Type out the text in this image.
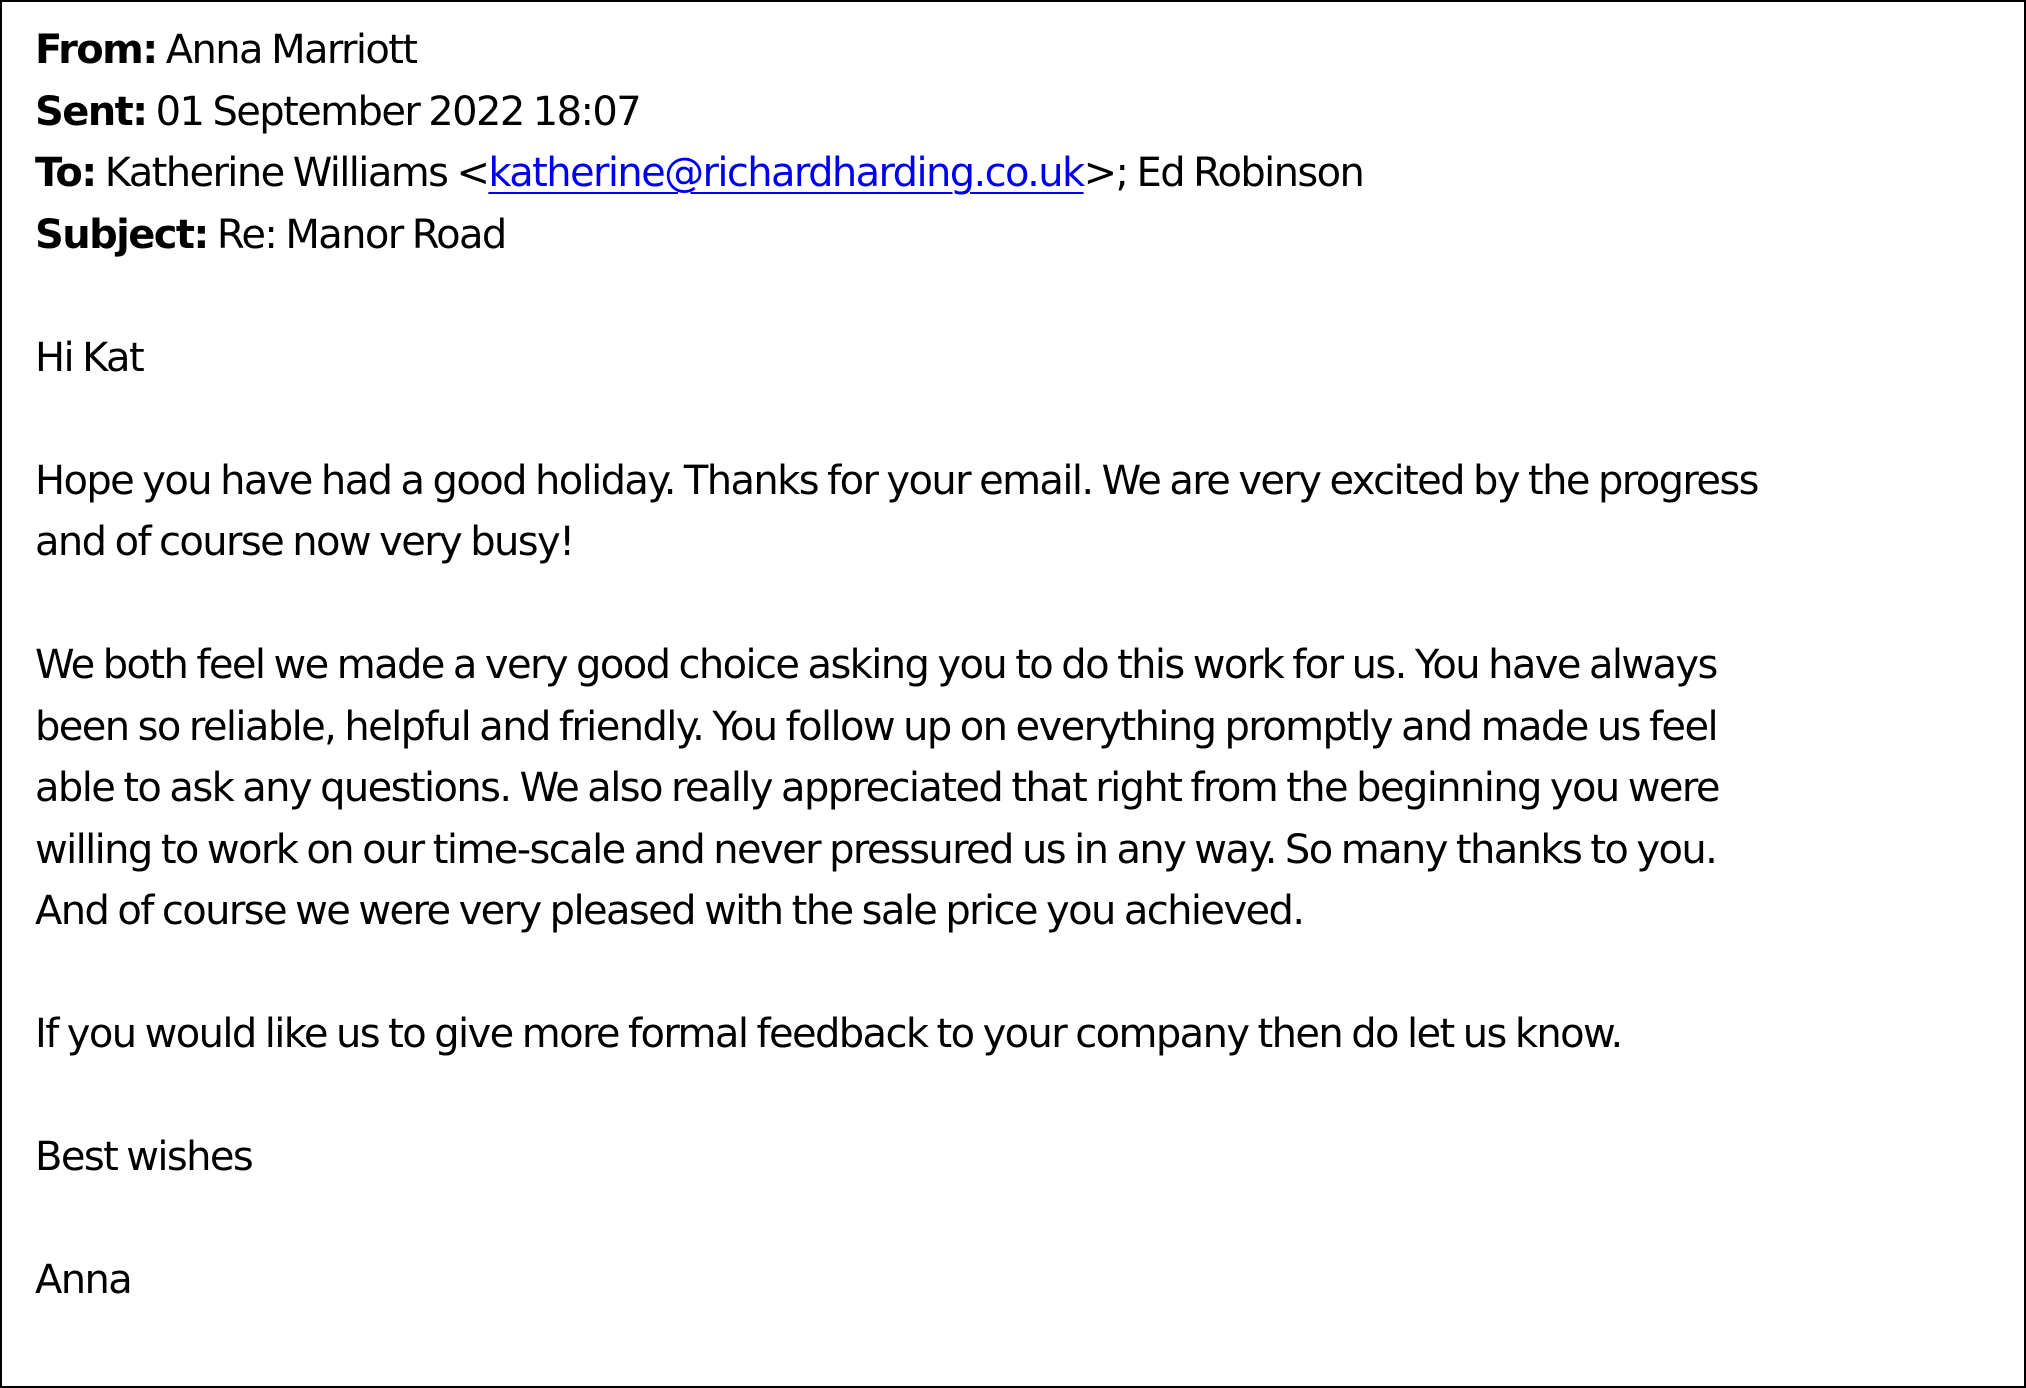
From: Anna Marriott
Sent: 01 September 2022 18:07
To: Katherine Williams <katherine@richardharding.co.uk>; Ed Robinson
Subject: Re: Manor Road
Hi Kat
Hope you have had a good holiday. Thanks for your email. We are very excited by the progress
and of course now very busy!
We both feel we made a very good choice asking you to do this work for us. You have always
been so reliable, helpful and friendly. You follow up on everything promptly and made us feel
able to ask any questions. We also really appreciated that right from the beginning you were
willing to work on our time-scale and never pressured us in any way. So many thanks to you.
And of course we were very pleased with the sale price you achieved.
If you would like us to give more formal feedback to your company then do let us know.
Best wishes
Anna
